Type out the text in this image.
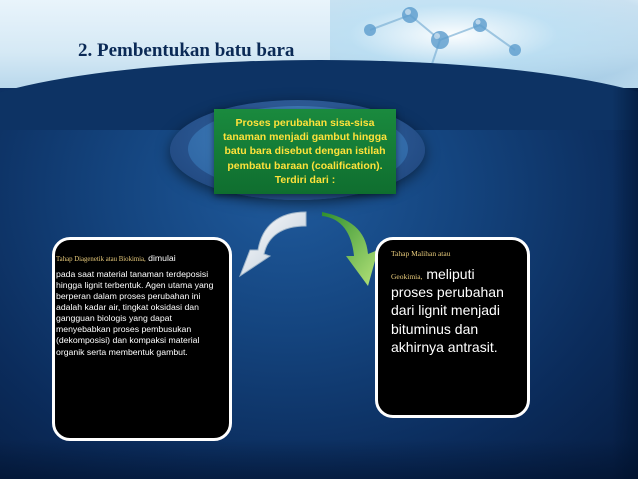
2. Pembentukan batu bara
Proses perubahan sisa-sisa tanaman menjadi gambut hingga batu bara disebut dengan istilah pembatu baraan (coalification). Terdiri dari :
Tahap Diagenetik atau Biokimia, dimulai
pada saat material tanaman terdeposisi hingga lignit terbentuk. Agen utama yang berperan dalam proses perubahan ini adalah kadar air, tingkat oksidasi dan gangguan biologis yang dapat menyebabkan proses pembusukan (dekomposisi) dan kompaksi material organik serta membentuk gambut.
Tahap Malihan atau
Geokimia, meliputi
proses perubahan dari lignit menjadi bituminus dan akhirnya antrasit.
